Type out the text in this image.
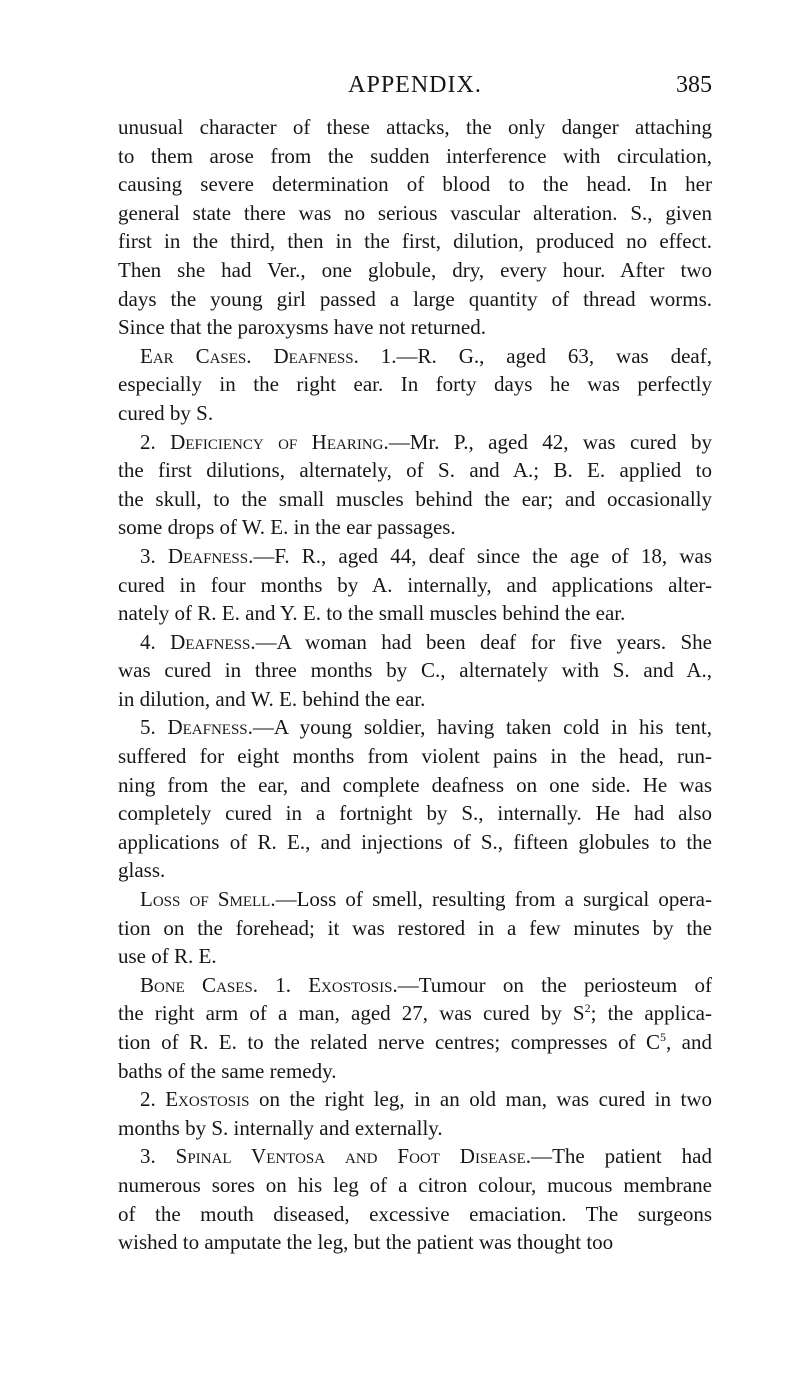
APPENDIX.	385
unusual character of these attacks, the only danger attaching
to them arose from the sudden interference with circulation,
causing severe determination of blood to the head. In her
general state there was no serious vascular alteration. S., given
first in the third, then in the first, dilution, produced no effect.
Then she had Ver., one globule, dry, every hour. After two
days the young girl passed a large quantity of thread worms.
Since that the paroxysms have not returned.
Ear Cases. Deafness. 1.—R. G., aged 63, was deaf,
especially in the right ear. In forty days he was perfectly
cured by S.
2. Deficiency of Hearing.—Mr. P., aged 42, was cured by
the first dilutions, alternately, of S. and A.; B. E. applied to
the skull, to the small muscles behind the ear; and occasionally
some drops of W. E. in the ear passages.
3. Deafness.—F. R., aged 44, deaf since the age of 18, was
cured in four months by A. internally, and applications alter-
nately of R. E. and Y. E. to the small muscles behind the ear.
4. Deafness.—A woman had been deaf for five years. She
was cured in three months by C., alternately with S. and A.,
in dilution, and W. E. behind the ear.
5. Deafness.—A young soldier, having taken cold in his tent,
suffered for eight months from violent pains in the head, run-
ning from the ear, and complete deafness on one side. He was
completely cured in a fortnight by S., internally. He had also
applications of R. E., and injections of S., fifteen globules to the
glass.
Loss of Smell.—Loss of smell, resulting from a surgical opera-
tion on the forehead; it was restored in a few minutes by the
use of R. E.
Bone Cases. 1. Exostosis.—Tumour on the periosteum of
the right arm of a man, aged 27, was cured by $S^2$; the applica-
tion of R. E. to the related nerve centres; compresses of $C^5$, and
baths of the same remedy.
2. Exostosis on the right leg, in an old man, was cured in two
months by S. internally and externally.
3. Spinal Ventosa and Foot Disease.—The patient had
numerous sores on his leg of a citron colour, mucous membrane
of the mouth diseased, excessive emaciation. The surgeons
wished to amputate the leg, but the patient was thought too
